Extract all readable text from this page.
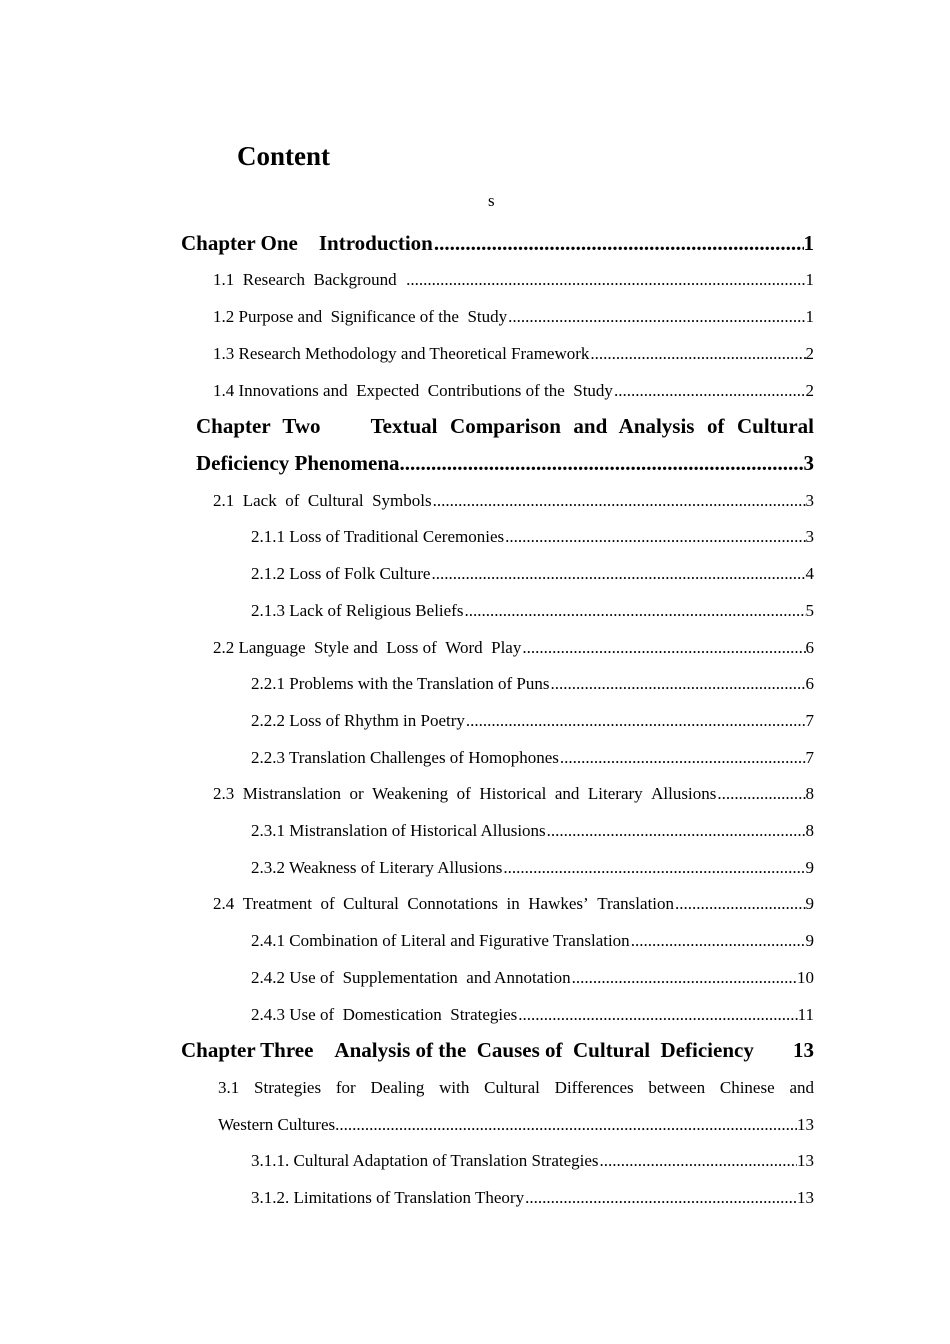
Content
s
Chapter One    Introduction .....	1
1.1  Research  Background .....	1
1.2 Purpose and  Significance of the  Study .....	1
1.3 Research Methodology and Theoretical Framework .....	2
1.4 Innovations and  Expected  Contributions of the  Study .....	2
Chapter Two    Textual Comparison and Analysis of Cultural
Deficiency Phenomena .....	3
2.1  Lack  of  Cultural  Symbols .....	3
2.1.1 Loss of Traditional Ceremonies .....	3
2.1.2 Loss of Folk Culture .....	4
2.1.3 Lack of Religious Beliefs .....	5
2.2 Language  Style and  Loss of  Word  Play .....	6
2.2.1 Problems with the Translation of Puns .....	6
2.2.2 Loss of Rhythm in Poetry .....	7
2.2.3 Translation Challenges of Homophones .....	7
2.3  Mistranslation  or  Weakening  of  Historical  and  Literary  Allusions .....	8
2.3.1 Mistranslation of Historical Allusions .....	8
2.3.2 Weakness of Literary Allusions .....	9
2.4  Treatment  of  Cultural  Connotations  in  Hawkes’  Translation .....	9
2.4.1 Combination of Literal and Figurative Translation .....	9
2.4.2 Use of  Supplementation  and Annotation .....	10
2.4.3 Use of  Domestication  Strategies .....	11
Chapter Three    Analysis of the  Causes of  Cultural  Deficiency	13
3.1 Strategies for Dealing with Cultural Differences between Chinese and
Western Cultures .....	13
3.1.1. Cultural Adaptation of Translation Strategies .....	13
3.1.2. Limitations of Translation Theory .....	13
